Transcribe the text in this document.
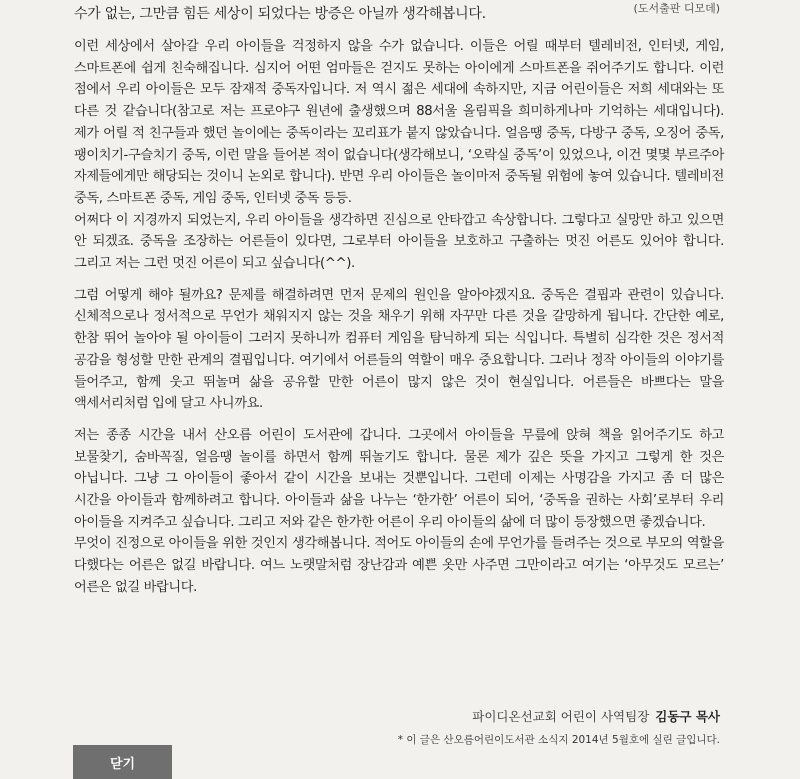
수가 없는, 그만큼 힘든 세상이 되었다는 방증은 아닐까 생각해봅니다.	(도서출판 디모데)

이런 세상에서 살아갈 우리 아이들을 걱정하지 않을 수가 없습니다. 이들은 어릴 때부터 텔레비전, 인터넷, 게임, 스마트폰에 쉽게 친숙해집니다. 심지어 어떤 엄마들은 걷지도 못하는 아이에게 스마트폰을 쥐어주기도 합니다. 이런 점에서 우리 아이들은 모두 잠재적 중독자입니다. 저 역시 젊은 세대에 속하지만, 지금 어린이들은 저희 세대와는 또 다른 것 같습니다(참고로 저는 프로야구 원년에 출생했으며 88서울 올림픽을 희미하게나마 기억하는 세대입니다). 제가 어릴 적 친구들과 했던 놀이에는 중독이라는 꼬리표가 붙지 않았습니다. 얼음땡 중독, 다방구 중독, 오징어 중독, 팽이치기-구슬치기 중독, 이런 말을 들어본 적이 없습니다(생각해보니, ‘오락실 중독’이 있었으나, 이건 몇몇 부르주아 자제들에게만 해당되는 것이니 논외로 합니다). 반면 우리 아이들은 놀이마저 중독될 위험에 놓여 있습니다. 텔레비전 중독, 스마트폰 중독, 게임 중독, 인터넷 중독 등등.
어쩌다 이 지경까지 되었는지, 우리 아이들을 생각하면 진심으로 안타깝고 속상합니다. 그렇다고 실망만 하고 있으면 안 되겠죠. 중독을 조장하는 어른들이 있다면, 그로부터 아이들을 보호하고 구출하는 멋진 어른도 있어야 합니다. 그리고 저는 그런 멋진 어른이 되고 싶습니다(^^).

그럼 어떻게 해야 될까요? 문제를 해결하려면 먼저 문제의 원인을 알아야겠지요. 중독은 결핍과 관련이 있습니다. 신체적으로나 정서적으로 무언가 채워지지 않는 것을 채우기 위해 자꾸만 다른 것을 갈망하게 됩니다. 간단한 예로, 한참 뛰어 놀아야 될 아이들이 그러지 못하니까 컴퓨터 게임을 탐닉하게 되는 식입니다. 특별히 심각한 것은 정서적 공감을 형성할 만한 관계의 결핍입니다. 여기에서 어른들의 역할이 매우 중요합니다. 그러나 정작 아이들의 이야기를 들어주고, 함께 웃고 뛰놀며 삶을 공유할 만한 어른이 많지 않은 것이 현실입니다. 어른들은 바쁘다는 말을 액세서리처럼 입에 달고 사니까요.

저는 종종 시간을 내서 산오름 어린이 도서관에 갑니다. 그곳에서 아이들을 무릎에 앉혀 책을 읽어주기도 하고 보물찾기, 숨바꼭질, 얼음땡 놀이를 하면서 함께 뛰놀기도 합니다. 물론 제가 깊은 뜻을 가지고 그렇게 한 것은 아닙니다. 그냥 그 아이들이 좋아서 같이 시간을 보내는 것뿐입니다. 그런데 이제는 사명감을 가지고 좀 더 많은 시간을 아이들과 함께하려고 합니다. 아이들과 삶을 나누는 ‘한가한’ 어른이 되어, ‘중독을 권하는 사회’로부터 우리 아이들을 지켜주고 싶습니다. 그리고 저와 같은 한가한 어른이 우리 아이들의 삶에 더 많이 등장했으면 좋겠습니다.
무엇이 진정으로 아이들을 위한 것인지 생각해봅니다. 적어도 아이들의 손에 무언가를 들려주는 것으로 부모의 역할을 다했다는 어른은 없길 바랍니다. 여느 노랫말처럼 장난감과 예쁜 옷만 사주면 그만이라고 여기는 ‘아무것도 모르는’ 어른은 없길 바랍니다.

파이디온선교회 어린이 사역팀장 김동구 목사
* 이 글은 산오름어린이도서관 소식지 2014년 5월호에 실린 글입니다.
닫기
